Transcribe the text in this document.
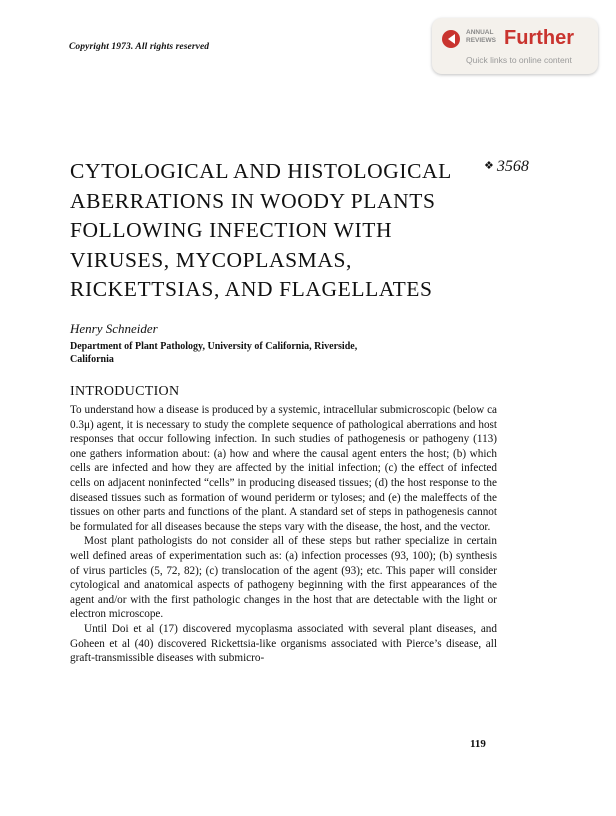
Copyright 1973. All rights reserved
ANNUAL REVIEWS Further
Quick links to online content
CYTOLOGICAL AND HISTOLOGICAL
ABERRATIONS IN WOODY PLANTS
FOLLOWING INFECTION WITH
VIRUSES, MYCOPLASMAS,
RICKETTSIAS, AND FLAGELLATES
❖ 3568
Henry Schneider
Department of Plant Pathology, University of California, Riverside,
California
INTRODUCTION

To understand how a disease is produced by a systemic, intracellular submicroscopic (below ca 0.3μ) agent, it is necessary to study the complete sequence of pathological aberrations and host responses that occur following infection. In such studies of pathogenesis or pathogeny (113) one gathers information about: (a) how and where the causal agent enters the host; (b) which cells are infected and how they are affected by the initial infection; (c) the effect of infected cells on adjacent noninfected “cells” in producing diseased tissues; (d) the host response to the diseased tissues such as formation of wound periderm or tyloses; and (e) the maleffects of the tissues on other parts and functions of the plant. A standard set of steps in pathogenesis cannot be formulated for all diseases because the steps vary with the disease, the host, and the vector.

Most plant pathologists do not consider all of these steps but rather specialize in certain well defined areas of experimentation such as: (a) infection processes (93, 100); (b) synthesis of virus particles (5, 72, 82); (c) translocation of the agent (93); etc. This paper will consider cytological and anatomical aspects of pathogeny beginning with the first appearances of the agent and/or with the first pathologic changes in the host that are detectable with the light or electron microscope.

Until Doi et al (17) discovered mycoplasma associated with several plant diseases, and Goheen et al (40) discovered Rickettsia-like organisms associated with Pierce’s disease, all graft-transmissible diseases with submicro-

119
